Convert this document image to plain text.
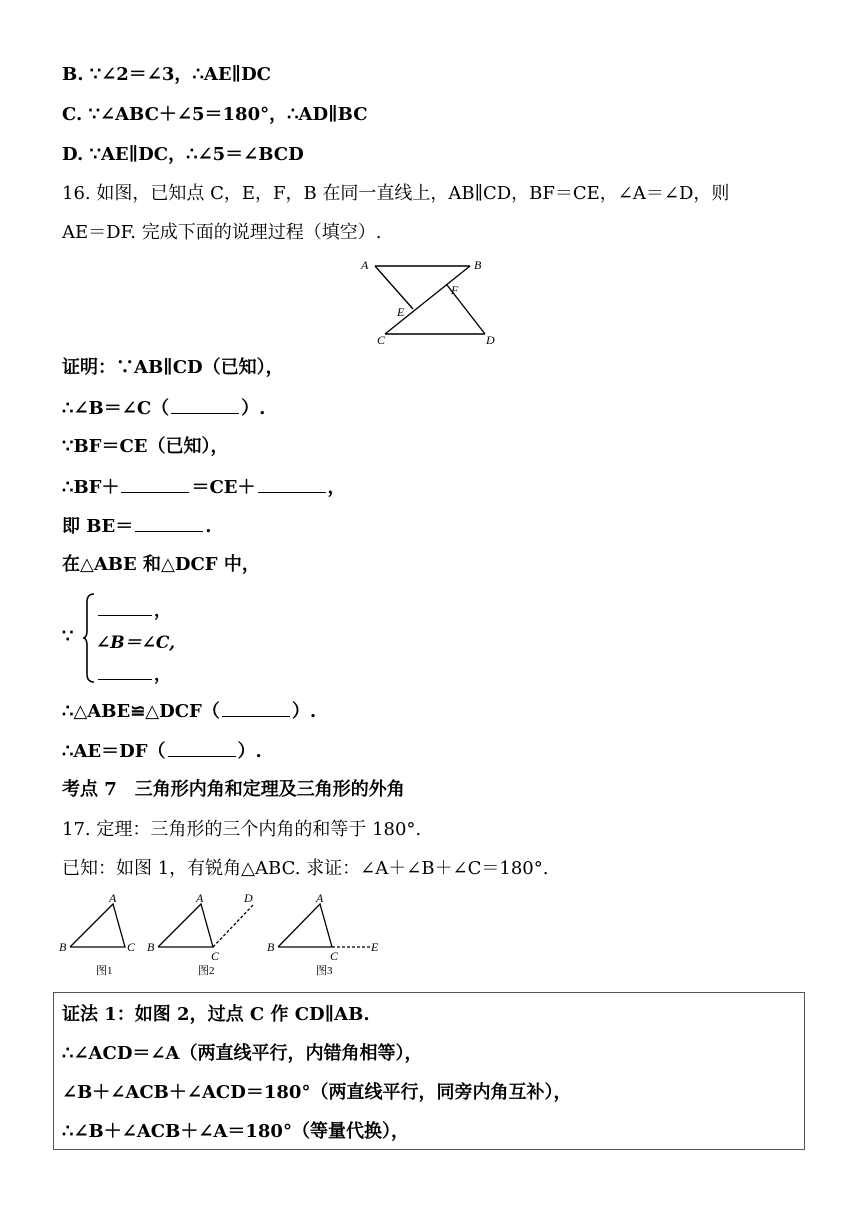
B. ∵∠2＝∠3，∴AE∥DC
C. ∵∠ABC＋∠5＝180°，∴AD∥BC
D. ∵AE∥DC，∴∠5＝∠BCD
16. 如图，已知点 C，E，F，B 在同一直线上，AB∥CD，BF＝CE，∠A＝∠D，则
AE＝DF. 完成下面的说理过程（填空）.
A	B
C	D
E
F
证明：∵AB∥CD（已知），
∴∠B＝∠C（	）.
∵BF＝CE（已知），
∴BF＋	＝CE＋	，
即 BE＝	.
在△ABE 和△DCF 中，
∵
，
∠B＝∠C,
，
∴△ABE≌△DCF（	）.
∴AE＝DF（	）.
考点 7　三角形内角和定理及三角形的外角
17. 定理：三角形的三个内角的和等于 180°.
已知：如图 1，有锐角△ABC. 求证：∠A＋∠B＋∠C＝180°.
A
B	C
A
B
C
D	A
B
C
E
图1	图2	图3
证法 1：如图 2，过点 C 作 CD∥AB.
∴∠ACD＝∠A（两直线平行，内错角相等），
∠B＋∠ACB＋∠ACD＝180°（两直线平行，同旁内角互补），
∴∠B＋∠ACB＋∠A＝180°（等量代换），
